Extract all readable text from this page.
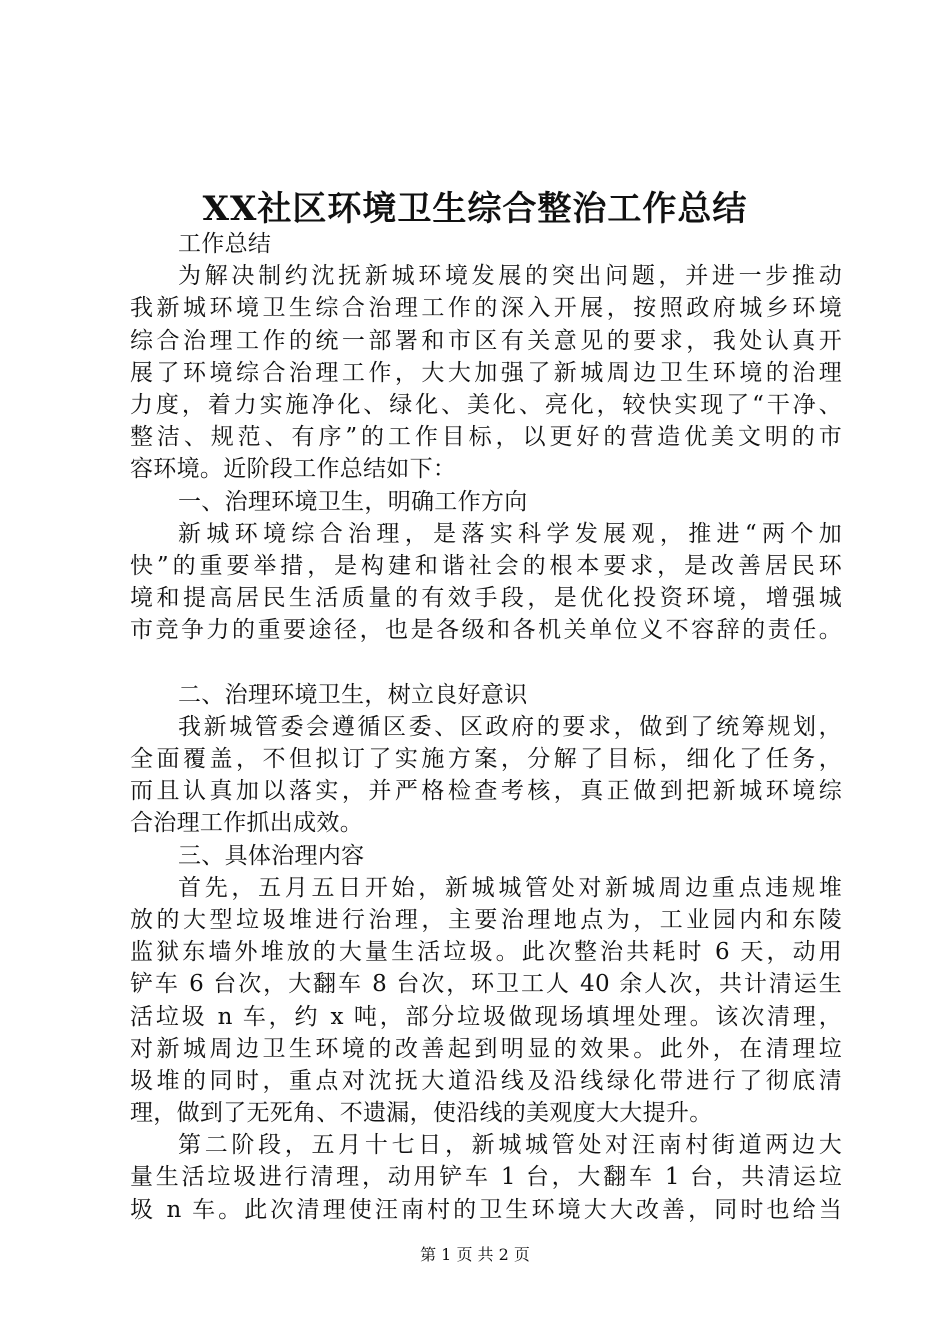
XX社区环境卫生综合整治工作总结
工作总结
为解决制约沈抚新城环境发展的突出问题，并进一步推动
我新城环境卫生综合治理工作的深入开展，按照政府城乡环境
综合治理工作的统一部署和市区有关意见的要求，我处认真开
展了环境综合治理工作，大大加强了新城周边卫生环境的治理
力度，着力实施净化、绿化、美化、亮化，较快实现了“干净、
整洁、规范、有序”的工作目标，以更好的营造优美文明的市
容环境。近阶段工作总结如下：
一、治理环境卫生，明确工作方向
新城环境综合治理，是落实科学发展观，推进“两个加
快”的重要举措，是构建和谐社会的根本要求，是改善居民环
境和提高居民生活质量的有效手段，是优化投资环境，增强城
市竞争力的重要途径，也是各级和各机关单位义不容辞的责任。
二、治理环境卫生，树立良好意识
我新城管委会遵循区委、区政府的要求，做到了统筹规划，
全面覆盖，不但拟订了实施方案，分解了目标，细化了任务，
而且认真加以落实，并严格检查考核，真正做到把新城环境综
合治理工作抓出成效。
三、具体治理内容
首先，五月五日开始，新城城管处对新城周边重点违规堆
放的大型垃圾堆进行治理，主要治理地点为，工业园内和东陵
监狱东墙外堆放的大量生活垃圾。此次整治共耗时 6 天，动用
铲车 6 台次，大翻车 8 台次，环卫工人 40 余人次，共计清运生
活垃圾 n 车，约 x 吨，部分垃圾做现场填埋处理。该次清理，
对新城周边卫生环境的改善起到明显的效果。此外，在清理垃
圾堆的同时，重点对沈抚大道沿线及沿线绿化带进行了彻底清
理，做到了无死角、不遗漏，使沿线的美观度大大提升。
第二阶段，五月十七日，新城城管处对汪南村街道两边大
量生活垃圾进行清理，动用铲车 1 台，大翻车 1 台，共清运垃
圾 n 车。此次清理使汪南村的卫生环境大大改善，同时也给当
第 1 页 共 2 页
